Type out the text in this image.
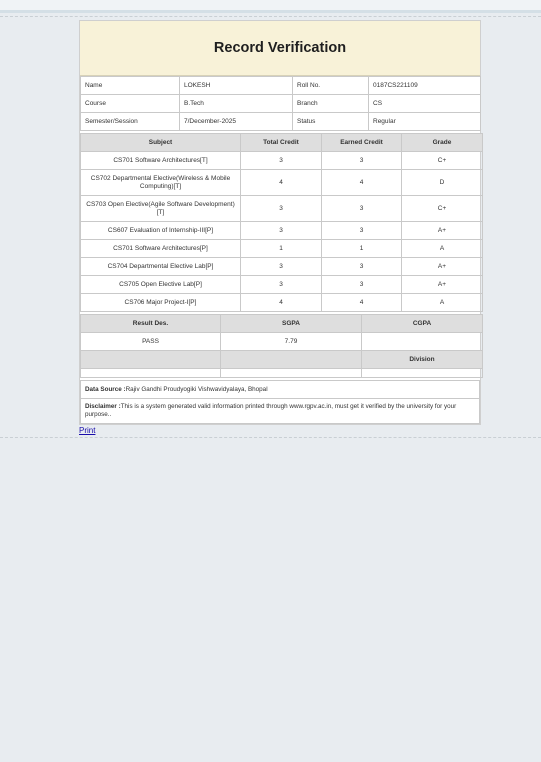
Record Verification
Name	LOKESH	Roll No.	0187CS221109
Course	B.Tech	Branch	CS
Semester/Session	7/December-2025	Status	Regular
Subject	Total Credit	Earned Credit	Grade
CS701 Software Architectures[T]	3	3	C+
CS702 Departmental Elective(Wireless & Mobile Computing)[T]	4	4	D
CS703 Open Elective(Agile Software Development)[T]	3	3	C+
CS607 Evaluation of Internship-III[P]	3	3	A+
CS701 Software Architectures[P]	1	1	A
CS704 Departmental Elective Lab[P]	3	3	A+
CS705 Open Elective Lab[P]	3	3	A+
CS706 Major Project-I[P]	4	4	A
Result Des.	SGPA	CGPA
PASS	7.79	
		Division

Data Source : Rajiv Gandhi Proudyogiki Vishwavidyalaya, Bhopal
Disclaimer :This is a system generated valid information printed through www.rgpv.ac.in, must get it verified by the university for your purpose..
Print
